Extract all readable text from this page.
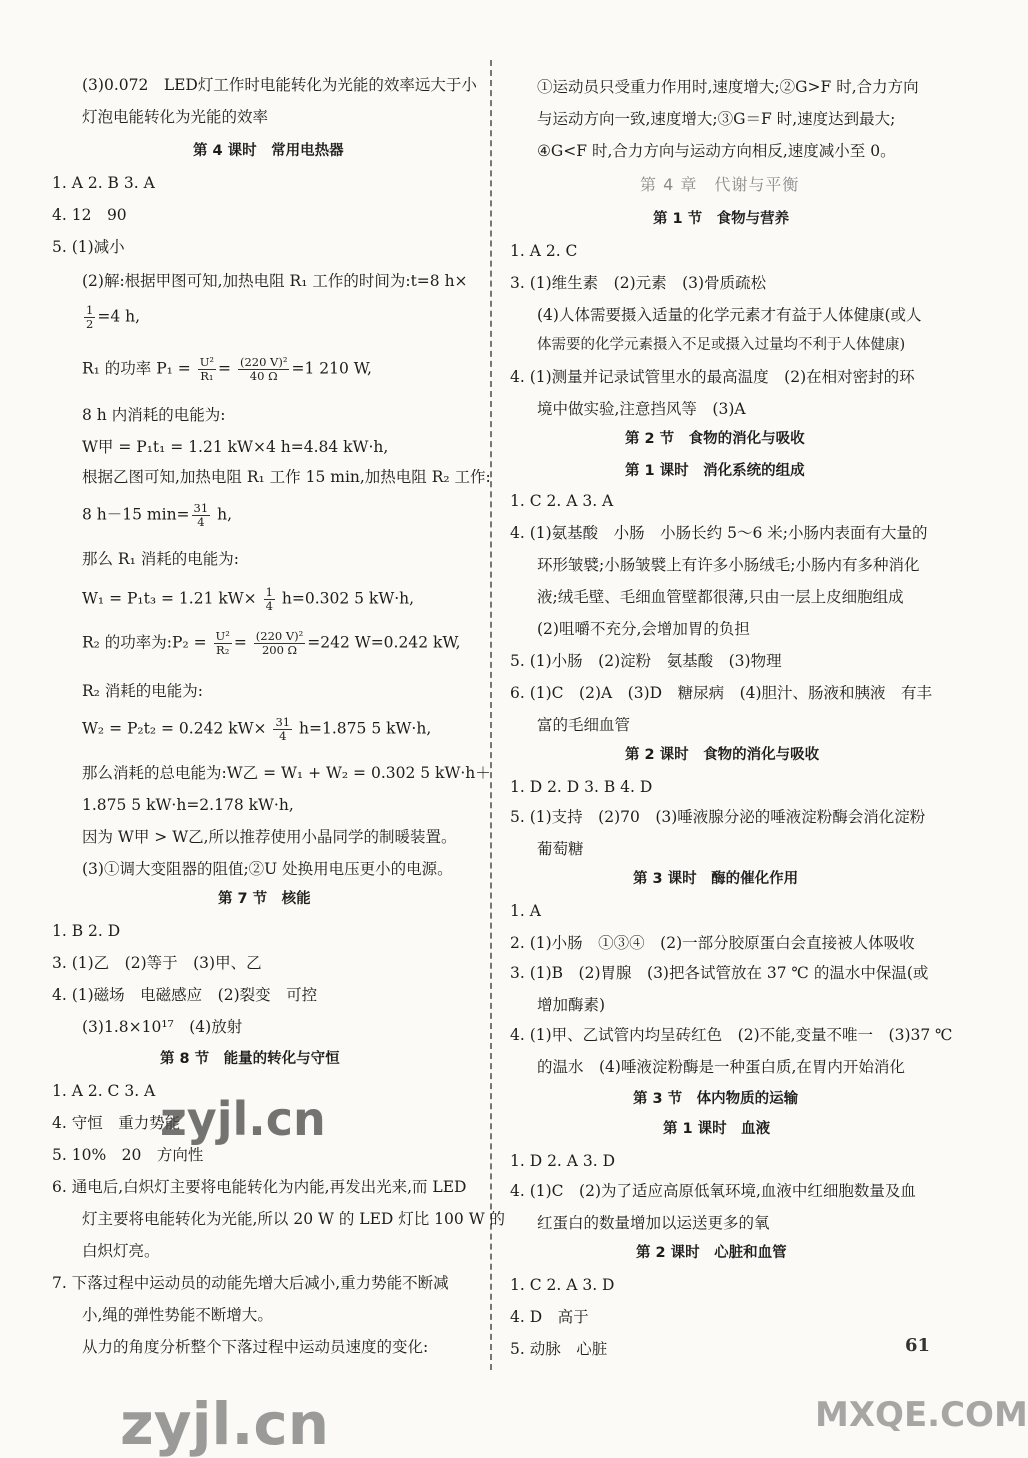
(3)0.072　LED灯工作时电能转化为光能的效率远大于小
灯泡电能转化为光能的效率
第 4 课时　常用电热器
1. A 2. B 3. A
4. 12　90
5. (1)减小
(2)解:根据甲图可知,加热电阻 R₁ 工作的时间为:t=8 h×
$\frac{1}{2} =4$ h,
R₁ 的功率 $P_1 = \frac{\text{U²}}{\text{R₁}} = \frac{\text{(220 V)²}}{40 \Omega} =1$ 210 W,
8 h 内消耗的电能为:
W甲 = P₁t₁ = 1.21 kW×4 h=4.84 kW·h,
根据乙图可知,加热电阻 R₁ 工作 15 min,加热电阻 R₂ 工作:
8 h－15 $\min= \frac{31}{4} h$,
那么 R₁ 消耗的电能为:
W₁ = P₁t₃ = 1.21 $kW\times \frac{1}{4} h=0.302$ 5 kW·h,
R₂ 的功率为:P₂ = $\frac{\text{U²}}{\text{R₂}} = \frac{\text{(220 V)²}}{200 \Omega} =242$ W=0.242 kW,
R₂ 消耗的电能为:
W₂ = P₂t₂ = 0.242 $kW\times \frac{31}{4} h=1.875$ 5 kW·h,
那么消耗的总电能为:W乙 = W₁ + W₂ = 0.302 5 kW·h＋
1.875 5 kW·h=2.178 kW·h,
因为 W甲 > W乙,所以推荐使用小晶同学的制暖装置。
(3)①调大变阻器的阻值;②U 处换用电压更小的电源。
第 7 节　核能
1. B 2. D
3. (1)乙　(2)等于　(3)甲、乙
4. (1)磁场　电磁感应　(2)裂变　可控
(3)1.8×10¹⁷　(4)放射
第 8 节　能量的转化与守恒
1. A 2. C 3. A
4. 守恒　重力势能
5. 10%　20　方向性
6. 通电后,白炽灯主要将电能转化为内能,再发出光来,而 LED
灯主要将电能转化为光能,所以 20 W 的 LED 灯比 100 W 的
白炽灯亮。
7. 下落过程中运动员的动能先增大后减小,重力势能不断减
小,绳的弹性势能不断增大。
从力的角度分析整个下落过程中运动员速度的变化:
①运动员只受重力作用时,速度增大;②G>F 时,合力方向
与运动方向一致,速度增大;③G＝F 时,速度达到最大;
④G<F 时,合力方向与运动方向相反,速度减小至 0。
第 4 章　代谢与平衡
第 1 节　食物与营养
1. A 2. C
3. (1)维生素　(2)元素　(3)骨质疏松
(4)人体需要摄入适量的化学元素才有益于人体健康(或人
体需要的化学元素摄入不足或摄入过量均不利于人体健康)
4. (1)测量并记录试管里水的最高温度　(2)在相对密封的环
境中做实验,注意挡风等　(3)A
第 2 节　食物的消化与吸收
第 1 课时　消化系统的组成
1. C 2. A 3. A
4. (1)氨基酸　小肠　小肠长约 5～6 米;小肠内表面有大量的
环形皱襞;小肠皱襞上有许多小肠绒毛;小肠内有多种消化
液;绒毛壁、毛细血管壁都很薄,只由一层上皮细胞组成
(2)咀嚼不充分,会增加胃的负担
5. (1)小肠　(2)淀粉　氨基酸　(3)物理
6. (1)C　(2)A　(3)D　糖尿病　(4)胆汁、肠液和胰液　有丰
富的毛细血管
第 2 课时　食物的消化与吸收
1. D 2. D 3. B 4. D
5. (1)支持　(2)70　(3)唾液腺分泌的唾液淀粉酶会消化淀粉
葡萄糖
第 3 课时　酶的催化作用
1. A
2. (1)小肠　①③④　(2)一部分胶原蛋白会直接被人体吸收
3. (1)B　(2)胃腺　(3)把各试管放在 37 ℃ 的温水中保温(或
增加酶素)
4. (1)甲、乙试管内均呈砖红色　(2)不能,变量不唯一　(3)37 ℃
的温水　(4)唾液淀粉酶是一种蛋白质,在胃内开始消化
第 3 节　体内物质的运输
第 1 课时　血液
1. D 2. A 3. D
4. (1)C　(2)为了适应高原低氧环境,血液中红细胞数量及血
红蛋白的数量增加以运送更多的氧
第 2 课时　心脏和血管
1. C 2. A 3. D
4. D　高于
5. 动脉　心脏	61
zyjl.cn
zyjl.cn	MXQE.COM
